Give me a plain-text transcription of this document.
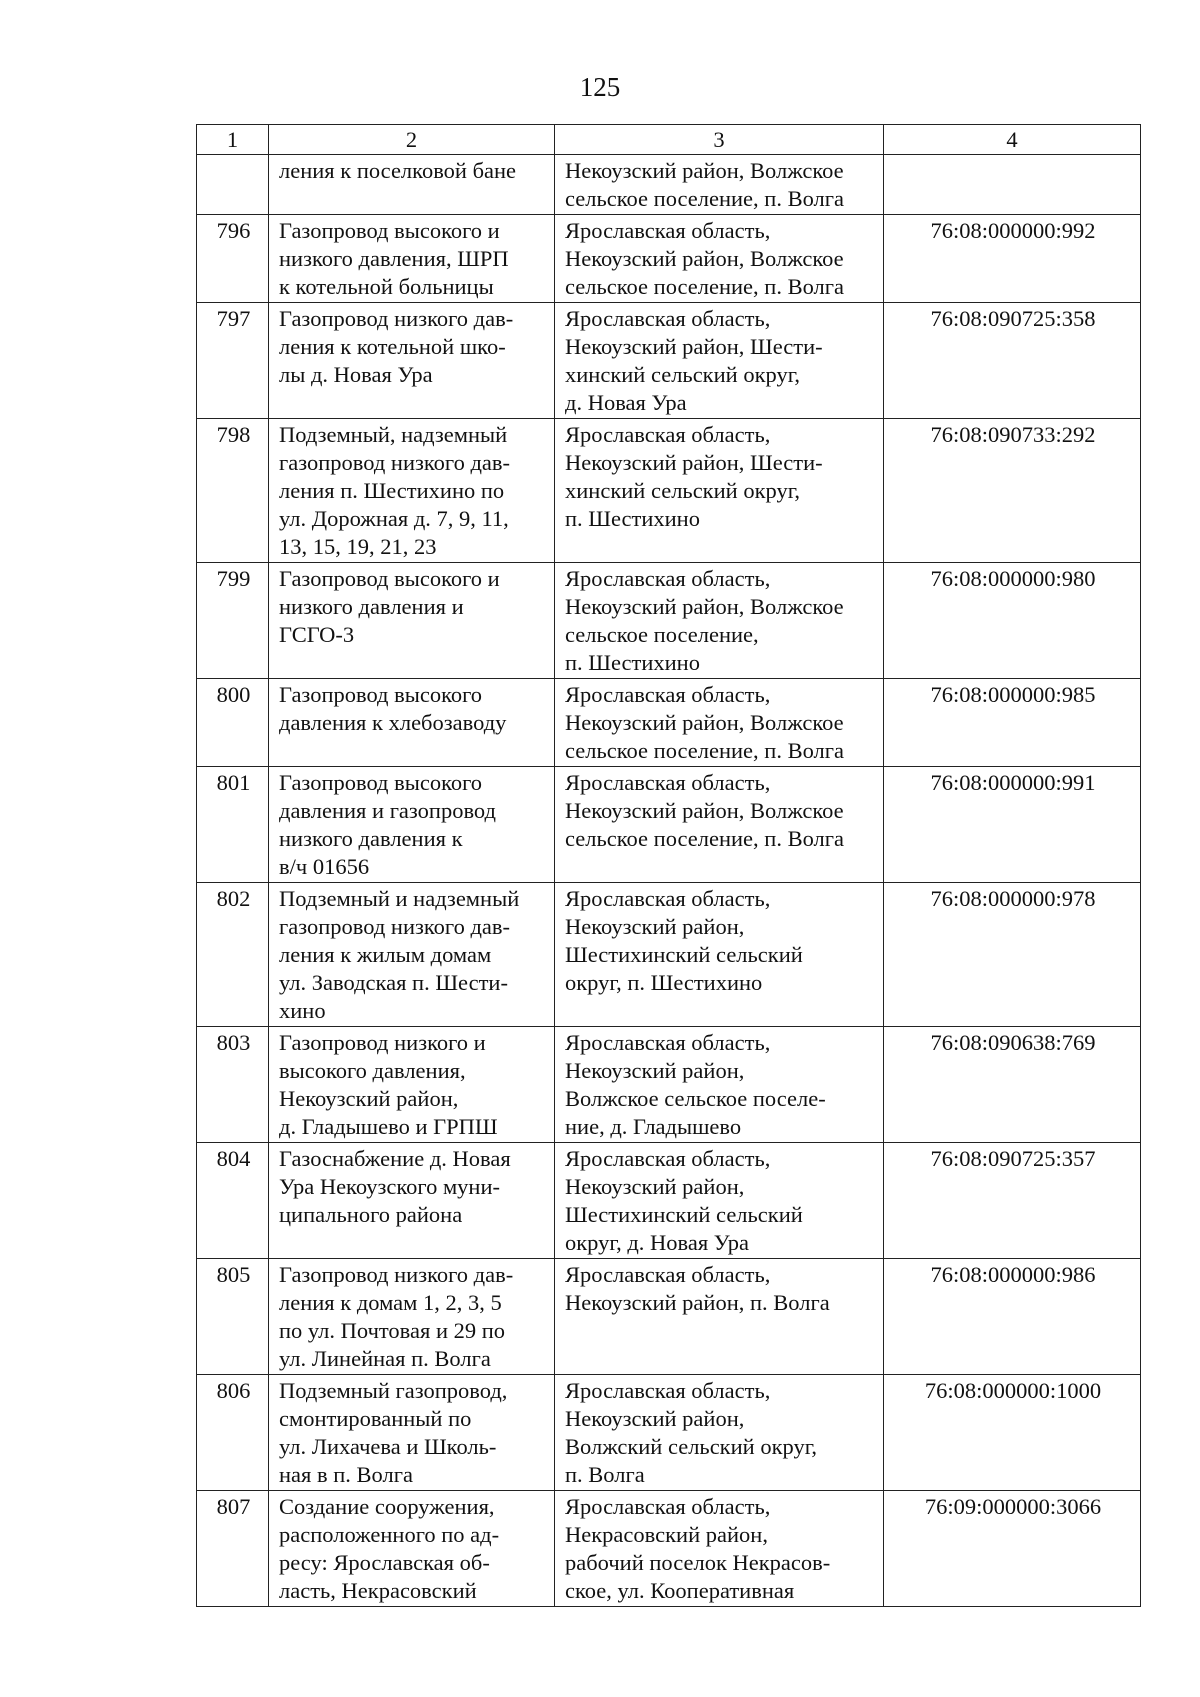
125
1	2	3	4

	ления к поселковой бане	Некоузский район, Волжское
сельское поселение, п. Волга	

796	Газопровод высокого и
низкого давления, ШРП
к котельной больницы	Ярославская область,
Некоузский район, Волжское
сельское поселение, п. Волга	76:08:000000:992
797	Газопровод низкого дав-
ления к котельной шко-
лы д. Новая Ура	Ярославская область,
Некоузский район, Шести-
хинский сельский округ,
д. Новая Ура	76:08:090725:358
798	Подземный, надземный
газопровод низкого дав-
ления п. Шестихино по
ул. Дорожная д. 7, 9, 11,
13, 15, 19, 21, 23	Ярославская область,
Некоузский район, Шести-
хинский сельский округ,
п. Шестихино	76:08:090733:292
799	Газопровод высокого и
низкого давления и
ГСГО-3	Ярославская область,
Некоузский район, Волжское
сельское поселение,
п. Шестихино	76:08:000000:980
800	Газопровод высокого
давления к хлебозаводу	Ярославская область,
Некоузский район, Волжское
сельское поселение, п. Волга	76:08:000000:985
801	Газопровод высокого
давления и газопровод
низкого давления к
в/ч 01656	Ярославская область,
Некоузский район, Волжское
сельское поселение, п. Волга	76:08:000000:991
802	Подземный и надземный
газопровод низкого дав-
ления к жилым домам
ул. Заводская п. Шести-
хино	Ярославская область,
Некоузский район,
Шестихинский сельский
округ, п. Шестихино	76:08:000000:978
803	Газопровод низкого и
высокого давления,
Некоузский район,
д. Гладышево и ГРПШ	Ярославская область,
Некоузский район,
Волжское сельское поселе-
ние, д. Гладышево	76:08:090638:769
804	Газоснабжение д. Новая
Ура Некоузского муни-
ципального района	Ярославская область,
Некоузский район,
Шестихинский сельский
округ, д. Новая Ура	76:08:090725:357
805	Газопровод низкого дав-
ления к домам 1, 2, 3, 5
по ул. Почтовая и 29 по
ул. Линейная п. Волга	Ярославская область,
Некоузский район, п. Волга	76:08:000000:986
806	Подземный газопровод,
смонтированный по
ул. Лихачева и Школь-
ная в п. Волга	Ярославская область,
Некоузский район,
Волжский сельский округ,
п. Волга	76:08:000000:1000
807	Создание сооружения,
расположенного по ад-
ресу: Ярославская об-
ласть, Некрасовский	Ярославская область,
Некрасовский район,
рабочий поселок Некрасов-
ское, ул. Кооперативная	76:09:000000:3066
